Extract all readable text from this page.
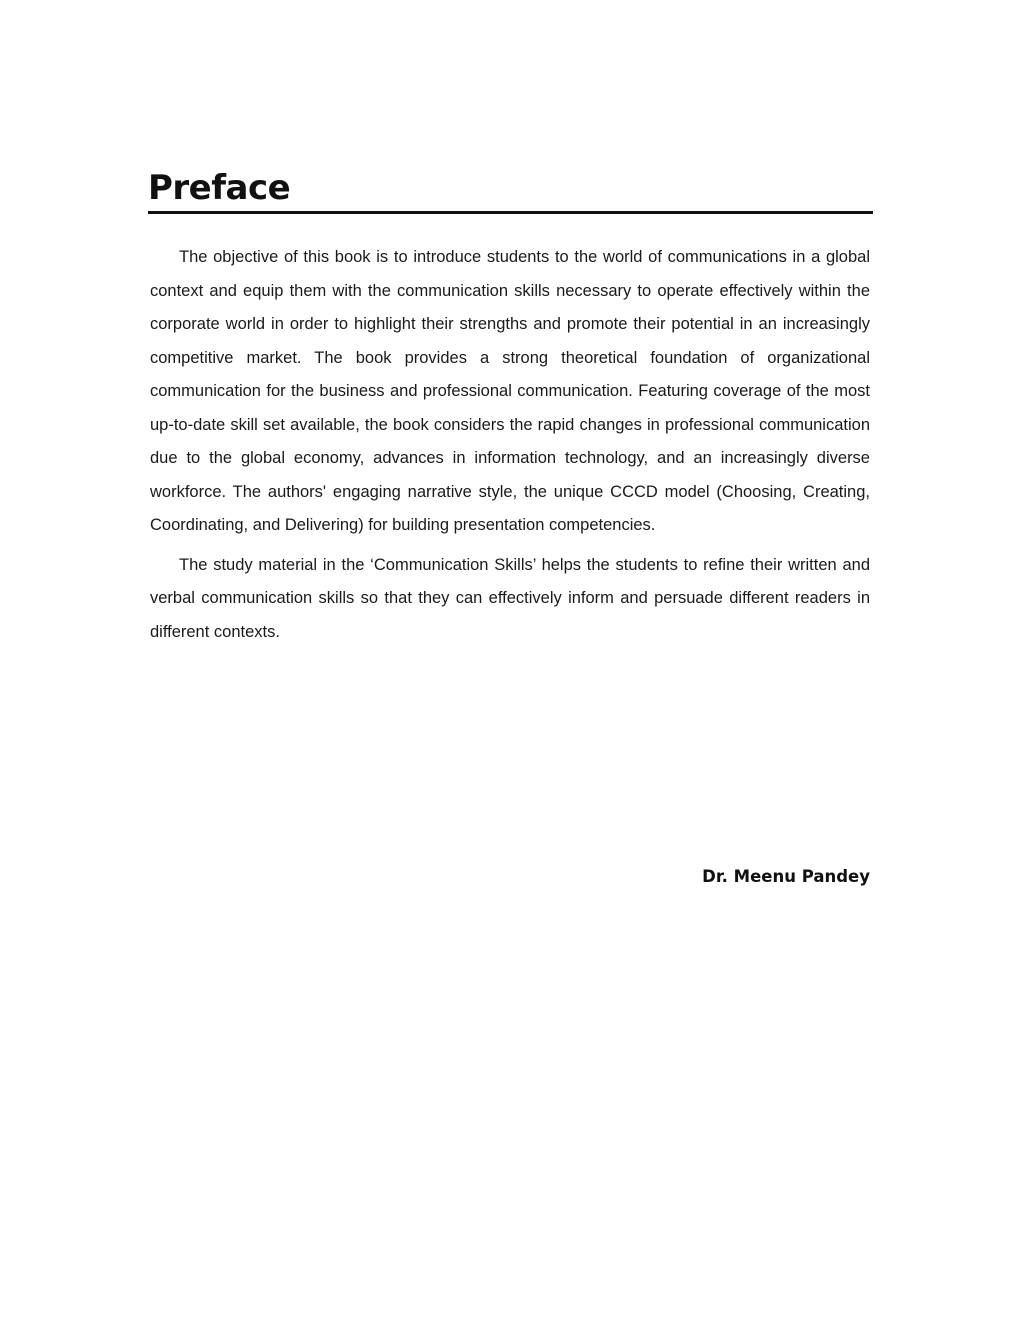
Preface

The objective of this book is to introduce students to the world of communications in a global context and equip them with the communication skills necessary to operate effectively within the corporate world in order to highlight their strengths and promote their potential in an increasingly competitive market. The book provides a strong theoretical foundation of organizational communication for the business and professional communication. Featuring coverage of the most up-to-date skill set available, the book considers the rapid changes in professional communication due to the global economy, advances in information technology, and an increasingly diverse workforce. The authors' engaging narrative style, the unique CCCD model (Choosing, Creating, Coordinating, and Delivering) for building presentation competencies.

The study material in the ‘Communication Skills’ helps the students to refine their written and verbal communication skills so that they can effectively inform and persuade different readers in different contexts.

Dr. Meenu Pandey
